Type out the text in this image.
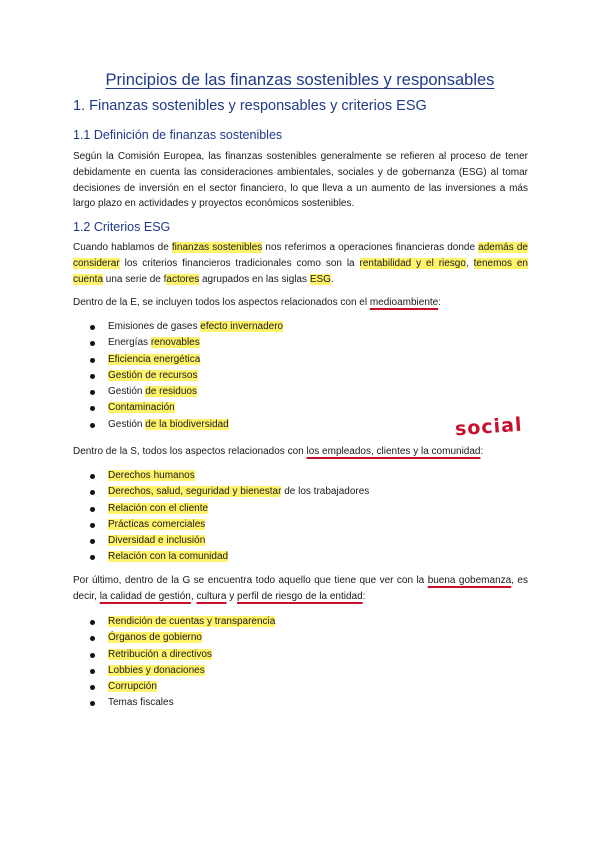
Principios de las finanzas sostenibles y responsables
1. Finanzas sostenibles y responsables y criterios ESG
1.1 Definición de finanzas sostenibles
Según la Comisión Europea, las finanzas sostenibles generalmente se refieren al proceso de tener debidamente en cuenta las consideraciones ambientales, sociales y de gobernanza (ESG) al tomar decisiones de inversión en el sector financiero, lo que lleva a un aumento de las inversiones a más largo plazo en actividades y proyectos económicos sostenibles.
1.2 Criterios ESG
Cuando hablamos de finanzas sostenibles nos referimos a operaciones financieras donde además de considerar los criterios financieros tradicionales como son la rentabilidad y el riesgo, tenemos en cuenta una serie de factores agrupados en las siglas ESG.
Dentro de la E, se incluyen todos los aspectos relacionados con el medioambiente:
Emisiones de gases efecto invernadero
Energías renovables
Eficiencia energética
Gestión de recursos
Gestión de residuos
Contaminación
Gestión de la biodiversidad	social
Dentro de la S, todos los aspectos relacionados con los empleados, clientes y la comunidad:
Derechos humanos
Derechos, salud, seguridad y bienestar de los trabajadores
Relación con el cliente
Prácticas comerciales
Diversidad e inclusión
Relación con la comunidad
Por último, dentro de la G se encuentra todo aquello que tiene que ver con la buena gobemanza, es decir, la calidad de gestión, cultura y perfil de riesgo de la entidad:
Rendición de cuentas y transparencia
Órganos de gobierno
Retribución a directivos
Lobbies y donaciones
Corrupción
Temas fiscales
